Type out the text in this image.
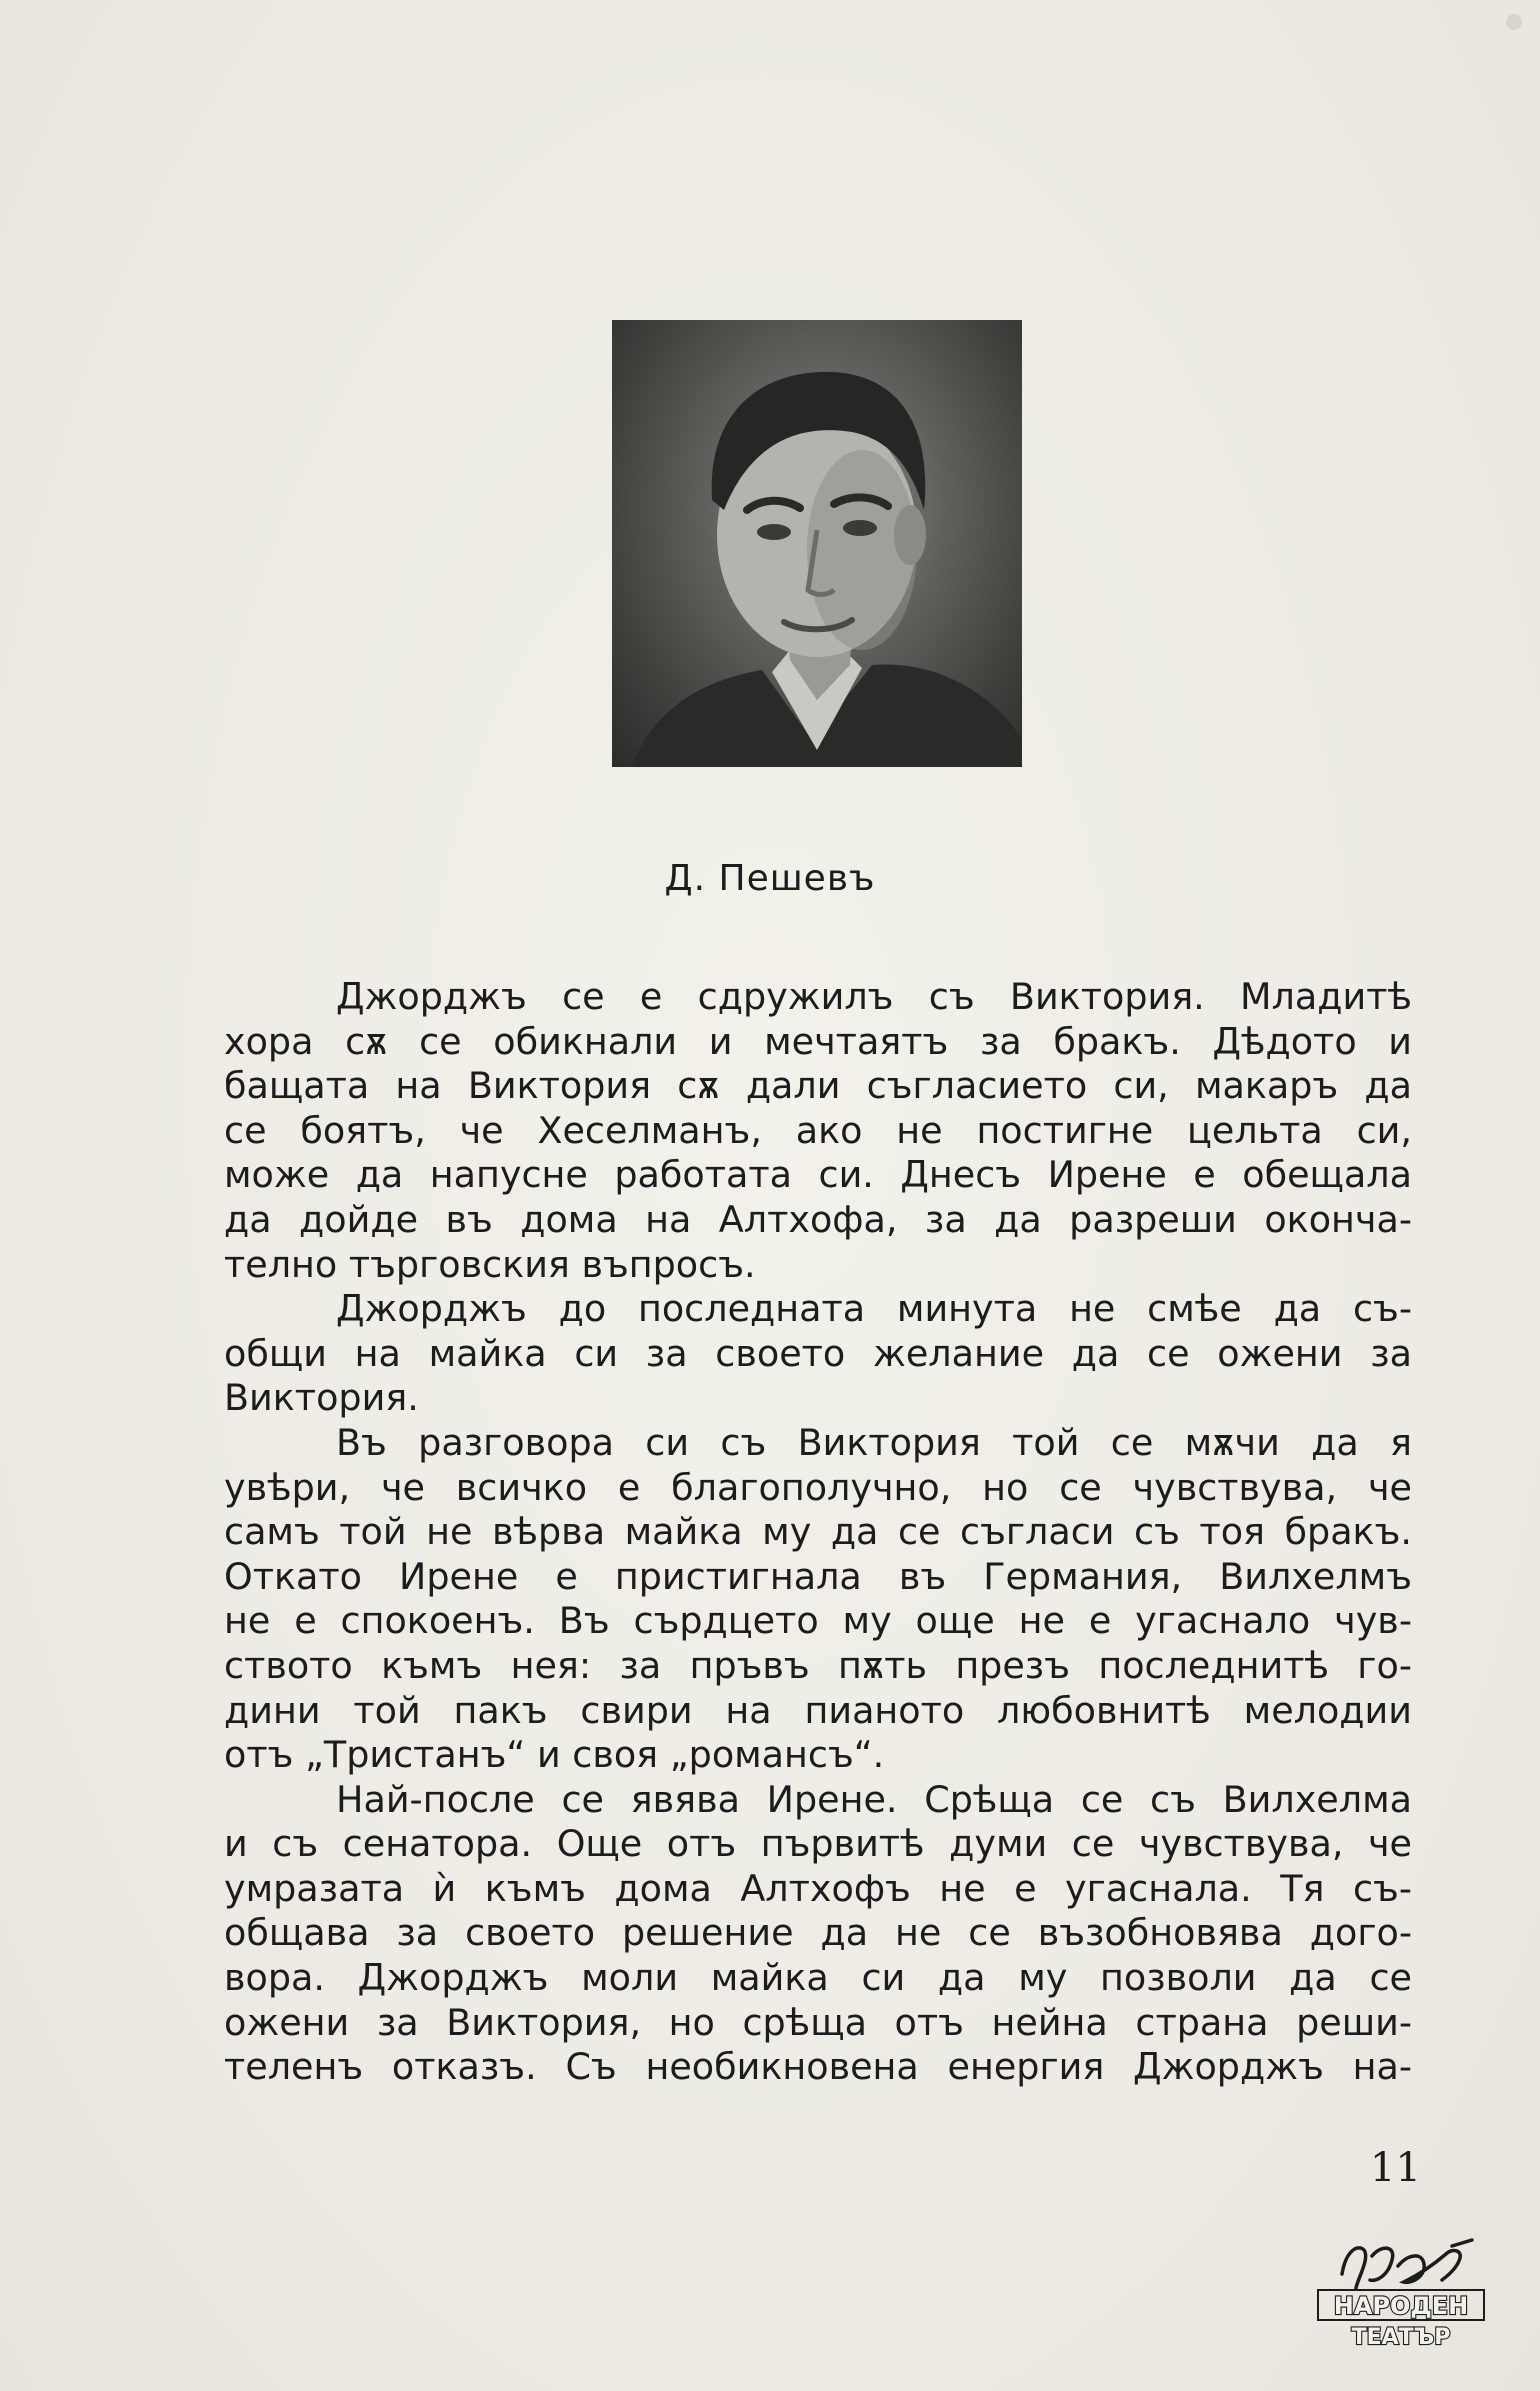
Д. Пешевъ
Джорджъ се е сдружилъ съ Виктория. Младитѣ
хора сѫ се обикнали и мечтаятъ за бракъ. Дѣдото и
бащата на Виктория сѫ дали съгласието си, макаръ да
се боятъ, че Хеселманъ, ако не постигне цельта си,
може да напусне работата си. Днесъ Ирене е обещала
да дойде въ дома на Алтхофа, за да разреши оконча-
телно търговския въпросъ.
Джорджъ до последната минута не смѣе да съ-
общи на майка си за своето желание да се ожени за
Виктория.
Въ разговора си съ Виктория той се мѫчи да я
увѣри, че всичко е благополучно, но се чувствува, че
самъ той не вѣрва майка му да се съгласи съ тоя бракъ.
Откато Ирене е пристигнала въ Германия, Вилхелмъ
не е спокоенъ. Въ сърдцето му още не е угаснало чув-
ството къмъ нея: за пръвъ пѫть презъ последнитѣ го-
дини той пакъ свири на пианото любовнитѣ мелодии
отъ „Тристанъ“ и своя „романсъ“.
Най-после се явява Ирене. Срѣща се съ Вилхелма
и съ сенатора. Още отъ първитѣ думи се чувствува, че
умразата ѝ къмъ дома Алтхофъ не е угаснала. Тя съ-
общава за своето решение да не се възобновява дого-
вора. Джорджъ моли майка си да му позволи да се
ожени за Виктория, но срѣща отъ нейна страна реши-
теленъ отказъ. Съ необикновена енергия Джорджъ на-
11
НАРОДЕН
ТЕАТЪР
